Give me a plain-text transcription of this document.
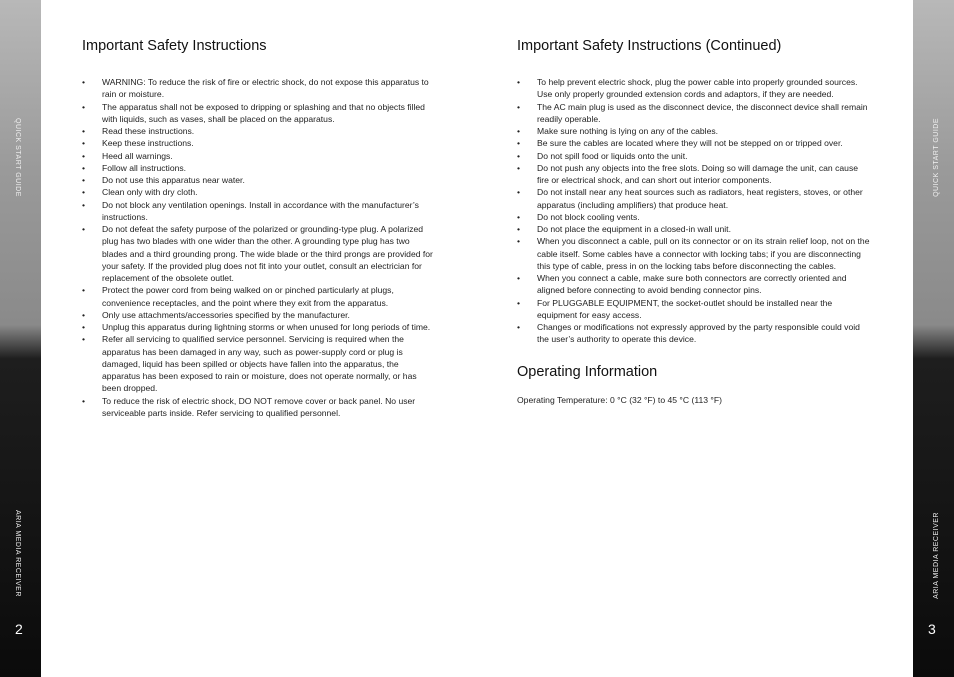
QUICK START GUIDE
ARIA MEDIA RECEIVER
2
QUICK START GUIDE
ARIA MEDIA RECEIVER
3
Important Safety Instructions
• WARNING: To reduce the risk of fire or electric shock, do not expose this apparatus to rain or moisture.
• The apparatus shall not be exposed to dripping or splashing and that no objects filled with liquids, such as vases, shall be placed on the apparatus.
• Read these instructions.
• Keep these instructions.
• Heed all warnings.
• Follow all instructions.
• Do not use this apparatus near water.
• Clean only with dry cloth.
• Do not block any ventilation openings. Install in accordance with the manufacturer’s instructions.
• Do not defeat the safety purpose of the polarized or grounding-type plug. A polarized plug has two blades with one wider than the other. A grounding type plug has two blades and a third grounding prong. The wide blade or the third prongs are provided for your safety. If the provided plug does not fit into your outlet, consult an electrician for replacement of the obsolete outlet.
• Protect the power cord from being walked on or pinched particularly at plugs, convenience receptacles, and the point where they exit from the apparatus.
• Only use attachments/accessories specified by the manufacturer.
• Unplug this apparatus during lightning storms or when unused for long periods of time.
• Refer all servicing to qualified service personnel. Servicing is required when the apparatus has been damaged in any way, such as power-supply cord or plug is damaged, liquid has been spilled or objects have fallen into the apparatus, the apparatus has been exposed to rain or moisture, does not operate normally, or has been dropped.
• To reduce the risk of electric shock, DO NOT remove cover or back panel. No user serviceable parts inside. Refer servicing to qualified personnel.
Important Safety Instructions (Continued)
• To help prevent electric shock, plug the power cable into properly grounded sources. Use only properly grounded extension cords and adaptors, if they are needed.
• The AC main plug is used as the disconnect device, the disconnect device shall remain readily operable.
• Make sure nothing is lying on any of the cables.
• Be sure the cables are located where they will not be stepped on or tripped over.
• Do not spill food or liquids onto the unit.
• Do not push any objects into the free slots. Doing so will damage the unit, can cause fire or electrical shock, and can short out interior components.
• Do not install near any heat sources such as radiators, heat registers, stoves, or other apparatus (including amplifiers) that produce heat.
• Do not block cooling vents.
• Do not place the equipment in a closed-in wall unit.
• When you disconnect a cable, pull on its connector or on its strain relief loop, not on the cable itself. Some cables have a connector with locking tabs; if you are disconnecting this type of cable, press in on the locking tabs before disconnecting the cables.
• When you connect a cable, make sure both connectors are correctly oriented and aligned before connecting to avoid bending connector pins.
• For PLUGGABLE EQUIPMENT, the socket-outlet should be installed near the equipment for easy access.
• Changes or modifications not expressly approved by the party responsible could void the user’s authority to operate this device.
Operating Information
Operating Temperature: 0 °C (32 °F) to 45 °C (113 °F)
